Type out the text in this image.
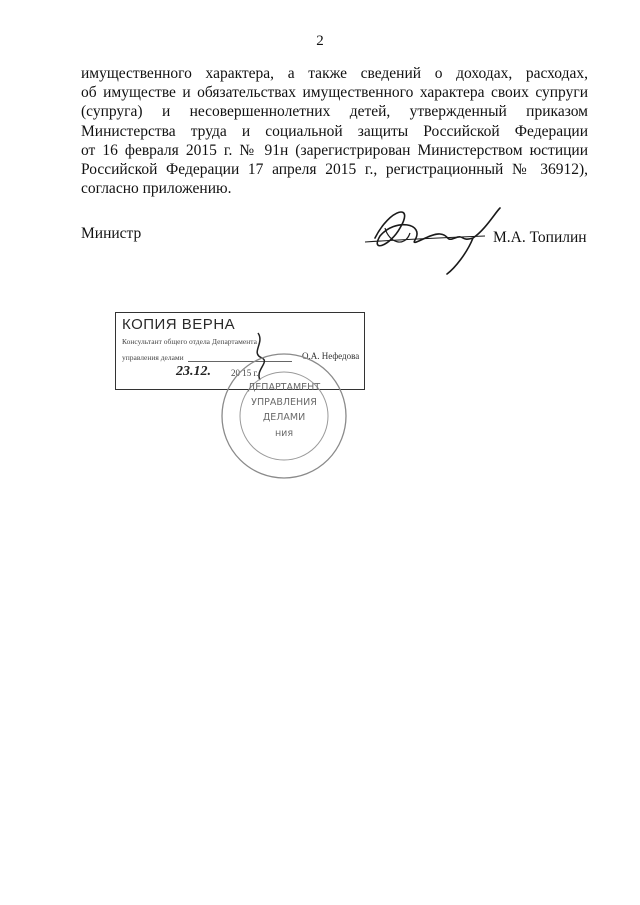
2

имущественного характера, а также сведений о доходах, расходах,
об имуществе и обязательствах имущественного характера своих супруги
(супруга) и несовершеннолетних детей, утвержденный приказом
Министерства труда и социальной защиты Российской Федерации
от 16 февраля 2015 г. № 91н (зарегистрирован Министерством юстиции
Российской Федерации 17 апреля 2015 г., регистрационный № 36912),
согласно приложению.

Министр	М.А. Топилин
КОПИЯ ВЕРНА
Консультант общего отдела Департамента
управления делами	О.А. Нефедова
23.12. 20 15 г.
ДЕПАРТАМЕНТ
УПРАВЛЕНИЯ
ДЕЛАМИ
ния
